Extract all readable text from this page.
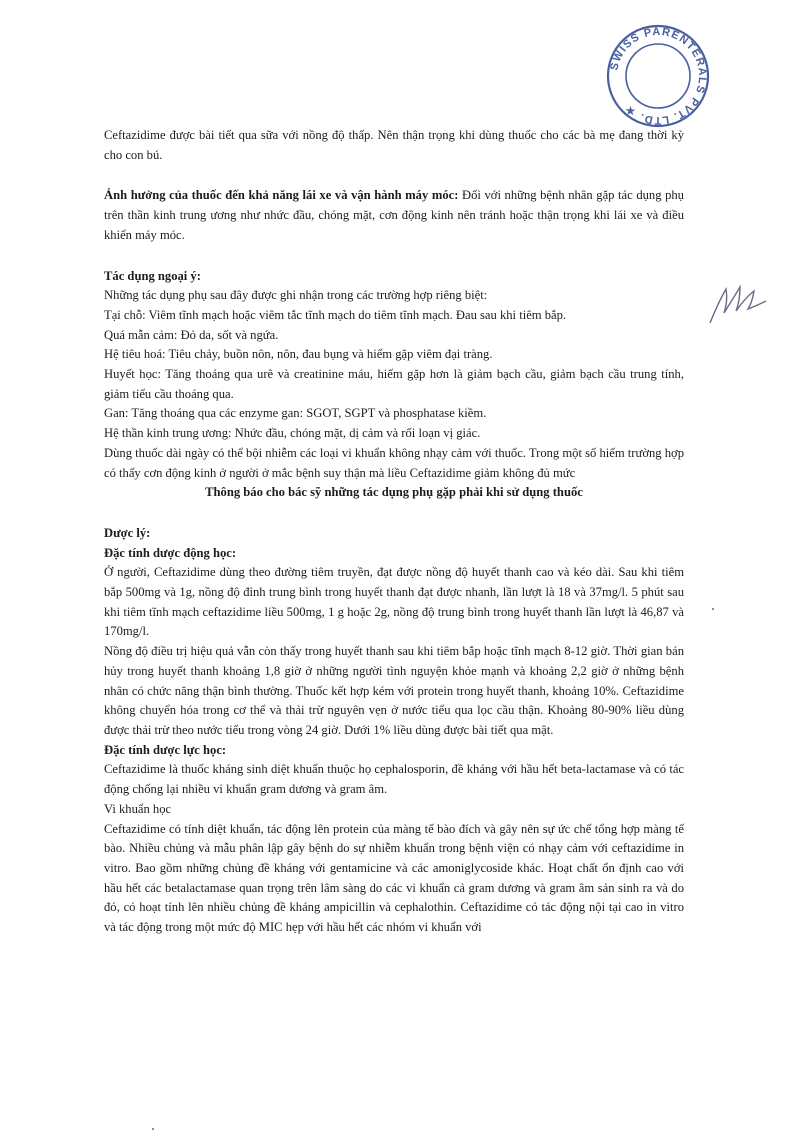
SWISS PARENTERALS PVT. LTD. ★

Ceftazidime được bài tiết qua sữa với nồng độ thấp. Nên thận trọng khi dùng thuốc cho các bà mẹ đang thời kỳ cho con bú.

Ảnh hưởng của thuốc đến khả năng lái xe và vận hành máy móc: Đối với những bệnh nhân gặp tác dụng phụ trên thần kinh trung ương như nhức đầu, chóng mặt, cơn động kinh nên tránh hoặc thận trọng khi lái xe và điều khiển máy móc.

Tác dụng ngoại ý:

Những tác dụng phụ sau đây được ghi nhận trong các trường hợp riêng biệt:

Tại chỗ: Viêm tĩnh mạch hoặc viêm tắc tĩnh mạch do tiêm tĩnh mạch. Đau sau khi tiêm bắp.

Quá mẫn cảm: Đỏ da, sốt và ngứa.

Hệ tiêu hoá: Tiêu chảy, buồn nôn, nôn, đau bụng và hiếm gặp viêm đại tràng.

Huyết học: Tăng thoáng qua urê và creatinine máu, hiếm gặp hơn là giảm bạch cầu, giảm bạch cầu trung tính, giảm tiểu cầu thoáng qua.

Gan: Tăng thoáng qua các enzyme gan: SGOT, SGPT và phosphatase kiềm.

Hệ thần kinh trung ương: Nhức đầu, chóng mặt, dị cảm và rối loạn vị giác.

Dùng thuốc dài ngày có thể bội nhiễm các loại vi khuẩn không nhạy cảm với thuốc. Trong một số hiếm trường hợp có thấy cơn động kinh ở người ở mắc bệnh suy thận mà liều Ceftazidime giảm không đủ mức

Thông báo cho bác sỹ những tác dụng phụ gặp phải khi sử dụng thuốc

Dược lý:

Đặc tính dược động học:

Ở người, Ceftazidime dùng theo đường tiêm truyền, đạt được nồng độ huyết thanh cao và kéo dài. Sau khi tiêm bắp 500mg và 1g, nồng độ đỉnh trung bình trong huyết thanh đạt được nhanh, lần lượt là 18 và 37mg/l. 5 phút sau khi tiêm tĩnh mạch ceftazidime liều 500mg, 1 g hoặc 2g, nồng độ trung bình trong huyết thanh lần lượt là 46,87 và 170mg/l.

Nồng độ điều trị hiệu quả vẫn còn thấy trong huyết thanh sau khi tiêm bắp hoặc tĩnh mạch 8-12 giờ. Thời gian bán hủy trong huyết thanh khoảng 1,8 giờ ở những người tình nguyện khỏe mạnh và khoảng 2,2 giờ ở những bệnh nhân có chức năng thận bình thường. Thuốc kết hợp kém với protein trong huyết thanh, khoảng 10%. Ceftazidime không chuyển hóa trong cơ thể và thải trừ nguyên vẹn ở nước tiểu qua lọc cầu thận. Khoảng 80-90% liều dùng được thải trừ theo nước tiểu trong vòng 24 giờ. Dưới 1% liều dùng được bài tiết qua mật.

Đặc tính dược lực học:

Ceftazidime là thuốc kháng sinh diệt khuẩn thuộc họ cephalosporin, đề kháng với hầu hết beta-lactamase và có tác động chống lại nhiều vi khuẩn gram dương và gram âm.

Vi khuẩn học

Ceftazidime có tính diệt khuẩn, tác động lên protein của màng tế bào đích và gây nên sự ức chế tổng hợp màng tế bào. Nhiều chủng và mẫu phân lập gây bệnh do sự nhiễm khuẩn trong bệnh viện có nhạy cảm với ceftazidime in vitro. Bao gồm những chủng đề kháng với gentamicine và các amoniglycoside khác. Hoạt chất ổn định cao với hầu hết các betalactamase quan trọng trên lâm sàng do các vi khuẩn cả gram dương và gram âm sản sinh ra và do đó, có hoạt tính lên nhiều chủng đề kháng ampicillin và cephalothin. Ceftazidime có tác động nội tại cao in vitro và tác động trong một mức độ MIC hẹp với hầu hết các nhóm vi khuẩn với
